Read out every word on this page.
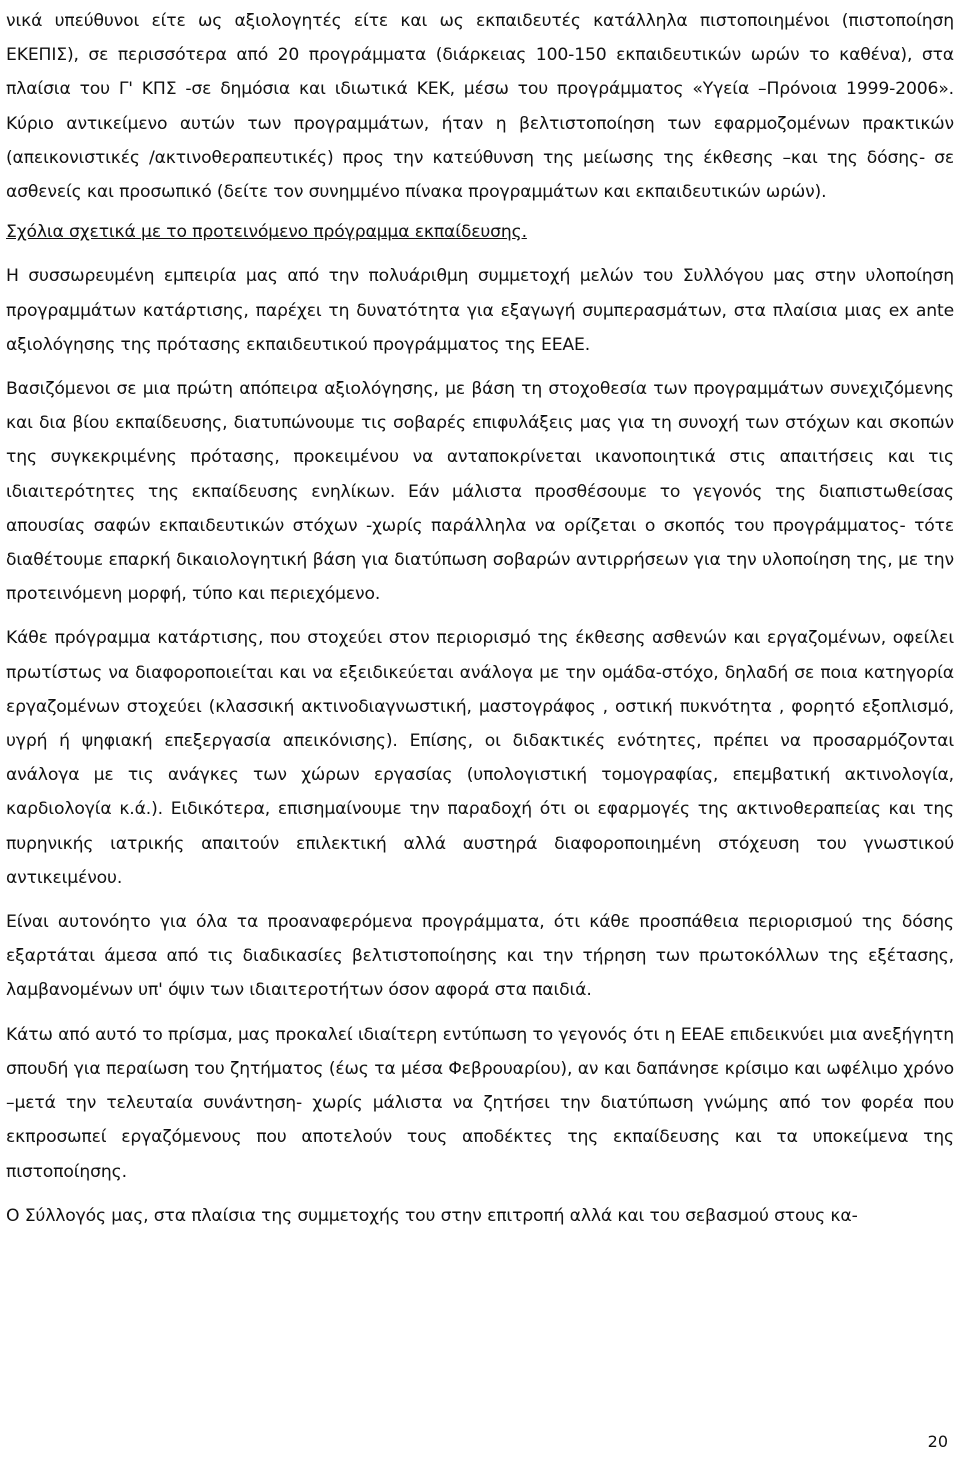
νικά υπεύθυνοι είτε ως αξιολογητές είτε και ως εκπαιδευτές κατάλληλα πιστοποιημένοι (πιστοποίηση ΕΚΕΠΙΣ), σε περισσότερα από 20 προγράμματα (διάρκειας 100-150 εκπαιδευτικών ωρών το καθένα), στα πλαίσια του Γ' ΚΠΣ -σε δημόσια και ιδιωτικά ΚΕΚ, μέσω του προγράμματος «Υγεία –Πρόνοια 1999-2006». Κύριο αντικείμενο αυτών των προγραμμάτων, ήταν η βελτιστοποίηση των εφαρμοζομένων πρακτικών (απεικονιστικές /ακτινοθεραπευτικές) προς την κατεύθυνση της μείωσης της έκθεσης –και της δόσης- σε ασθενείς και προσωπικό (δείτε τον συνημμένο πίνακα προγραμμάτων και εκπαιδευτικών ωρών).

Σχόλια σχετικά με το προτεινόμενο πρόγραμμα εκπαίδευσης.

Η συσσωρευμένη εμπειρία μας από την πολυάριθμη συμμετοχή μελών του Συλλόγου μας στην υλοποίηση προγραμμάτων κατάρτισης, παρέχει τη δυνατότητα για εξαγωγή συμπερασμάτων, στα πλαίσια μιας ex ante αξιολόγησης της πρότασης εκπαιδευτικού προγράμματος της ΕΕΑΕ.

Βασιζόμενοι σε μια πρώτη απόπειρα αξιολόγησης, με βάση τη στοχοθεσία των προγραμμάτων συνεχιζόμενης και δια βίου εκπαίδευσης, διατυπώνουμε τις σοβαρές επιφυλάξεις μας για τη συνοχή των στόχων και σκοπών της συγκεκριμένης πρότασης, προκειμένου να ανταποκρίνεται ικανοποιητικά στις απαιτήσεις και τις ιδιαιτερότητες της εκπαίδευσης ενηλίκων. Εάν μάλιστα προσθέσουμε το γεγονός της διαπιστωθείσας απουσίας σαφών εκπαιδευτικών στόχων -χωρίς παράλληλα να ορίζεται ο σκοπός του προγράμματος- τότε διαθέτουμε επαρκή δικαιολογητική βάση για διατύπωση σοβαρών αντιρρήσεων για την υλοποίηση της, με την προτεινόμενη μορφή, τύπο και περιεχόμενο.

Κάθε πρόγραμμα κατάρτισης, που στοχεύει στον περιορισμό της έκθεσης ασθενών και εργαζομένων, οφείλει πρωτίστως να διαφοροποιείται και να εξειδικεύεται ανάλογα με την ομάδα-στόχο, δηλαδή σε ποια κατηγορία εργαζομένων στοχεύει (κλασσική ακτινοδιαγνωστική, μαστογράφος , οστική πυκνότητα , φορητό εξοπλισμό, υγρή ή ψηφιακή επεξεργασία απεικόνισης). Επίσης, οι διδακτικές ενότητες, πρέπει να προσαρμόζονται ανάλογα με τις ανάγκες των χώρων εργασίας (υπολογιστική τομογραφίας, επεμβατική ακτινολογία, καρδιολογία κ.ά.). Ειδικότερα, επισημαίνουμε την παραδοχή ότι οι εφαρμογές της ακτινοθεραπείας και της πυρηνικής ιατρικής απαιτούν επιλεκτική αλλά αυστηρά διαφοροποιημένη στόχευση του γνωστικού αντικειμένου.

Είναι αυτονόητο για όλα τα προαναφερόμενα προγράμματα, ότι κάθε προσπάθεια περιορισμού της δόσης εξαρτάται άμεσα από τις διαδικασίες βελτιστοποίησης και την τήρηση των πρωτοκόλλων της εξέτασης, λαμβανομένων υπ' όψιν των ιδιαιτεροτήτων όσον αφορά στα παιδιά.

Κάτω από αυτό το πρίσμα, μας προκαλεί ιδιαίτερη εντύπωση το γεγονός ότι η ΕΕΑΕ επιδεικνύει μια ανεξήγητη σπουδή για περαίωση του ζητήματος (έως τα μέσα Φεβρουαρίου), αν και δαπάνησε κρίσιμο και ωφέλιμο χρόνο –μετά την τελευταία συνάντηση- χωρίς μάλιστα να ζητήσει την διατύπωση γνώμης από τον φορέα που εκπροσωπεί εργαζόμενους που αποτελούν τους αποδέκτες της εκπαίδευσης και τα υποκείμενα της πιστοποίησης.

Ο Σύλλογός μας, στα πλαίσια της συμμετοχής του στην επιτροπή αλλά και του σεβασμού στους κα-

20
